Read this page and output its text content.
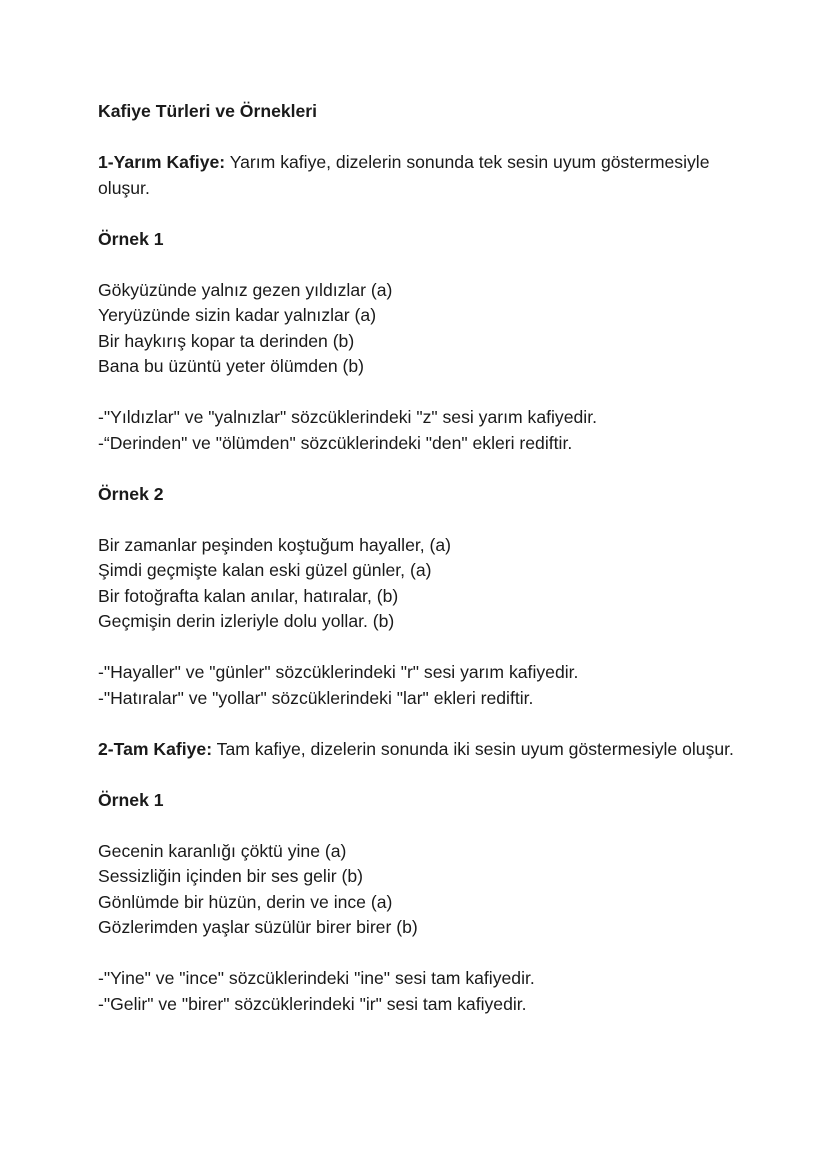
Kafiye Türleri ve Örnekleri
1-Yarım Kafiye: Yarım kafiye, dizelerin sonunda tek sesin uyum göstermesiyle oluşur.
Örnek 1
Gökyüzünde yalnız gezen yıldızlar (a)
Yeryüzünde sizin kadar yalnızlar (a)
Bir haykırış kopar ta derinden (b)
Bana bu üzüntü yeter ölümden (b)
-"Yıldızlar" ve "yalnızlar" sözcüklerindeki "z" sesi yarım kafiyedir.
-“Derinden" ve "ölümden" sözcüklerindeki "den" ekleri rediftir.
Örnek 2
Bir zamanlar peşinden koştuğum hayaller, (a)
Şimdi geçmişte kalan eski güzel günler, (a)
Bir fotoğrafta kalan anılar, hatıralar, (b)
Geçmişin derin izleriyle dolu yollar. (b)
-"Hayaller" ve "günler" sözcüklerindeki "r" sesi yarım kafiyedir.
-"Hatıralar" ve "yollar" sözcüklerindeki "lar" ekleri rediftir.
2-Tam Kafiye: Tam kafiye, dizelerin sonunda iki sesin uyum göstermesiyle oluşur.
Örnek 1
Gecenin karanlığı çöktü yine (a)
Sessizliğin içinden bir ses gelir (b)
Gönlümde bir hüzün, derin ve ince (a)
Gözlerimden yaşlar süzülür birer birer (b)
-"Yine" ve "ince" sözcüklerindeki "ine" sesi tam kafiyedir.
-"Gelir" ve "birer" sözcüklerindeki "ir" sesi tam kafiyedir.
